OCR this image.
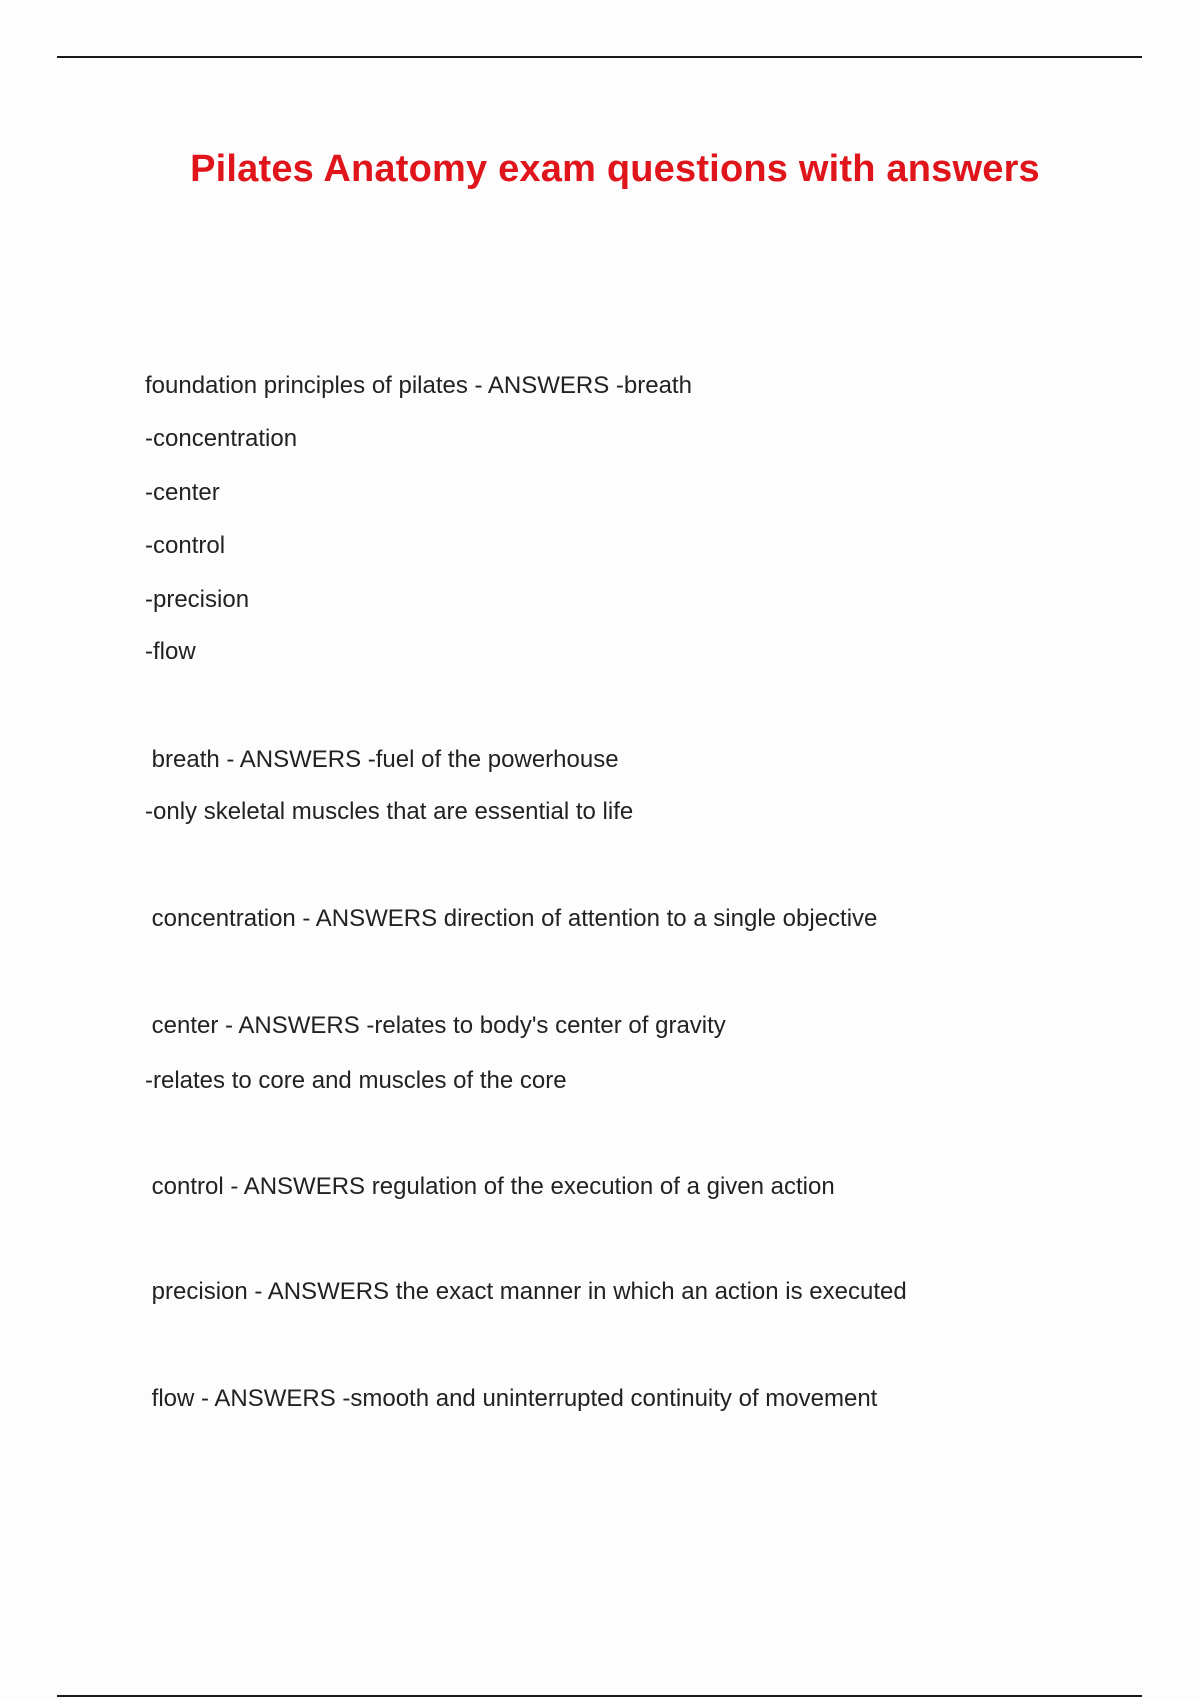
Pilates Anatomy exam questions with answers
foundation principles of pilates - ANSWERS -breath
-concentration
-center
-control
-precision
-flow
breath - ANSWERS -fuel of the powerhouse
-only skeletal muscles that are essential to life
concentration - ANSWERS direction of attention to a single objective
center - ANSWERS -relates to body's center of gravity
-relates to core and muscles of the core
control - ANSWERS regulation of the execution of a given action
precision - ANSWERS the exact manner in which an action is executed
flow - ANSWERS -smooth and uninterrupted continuity of movement
